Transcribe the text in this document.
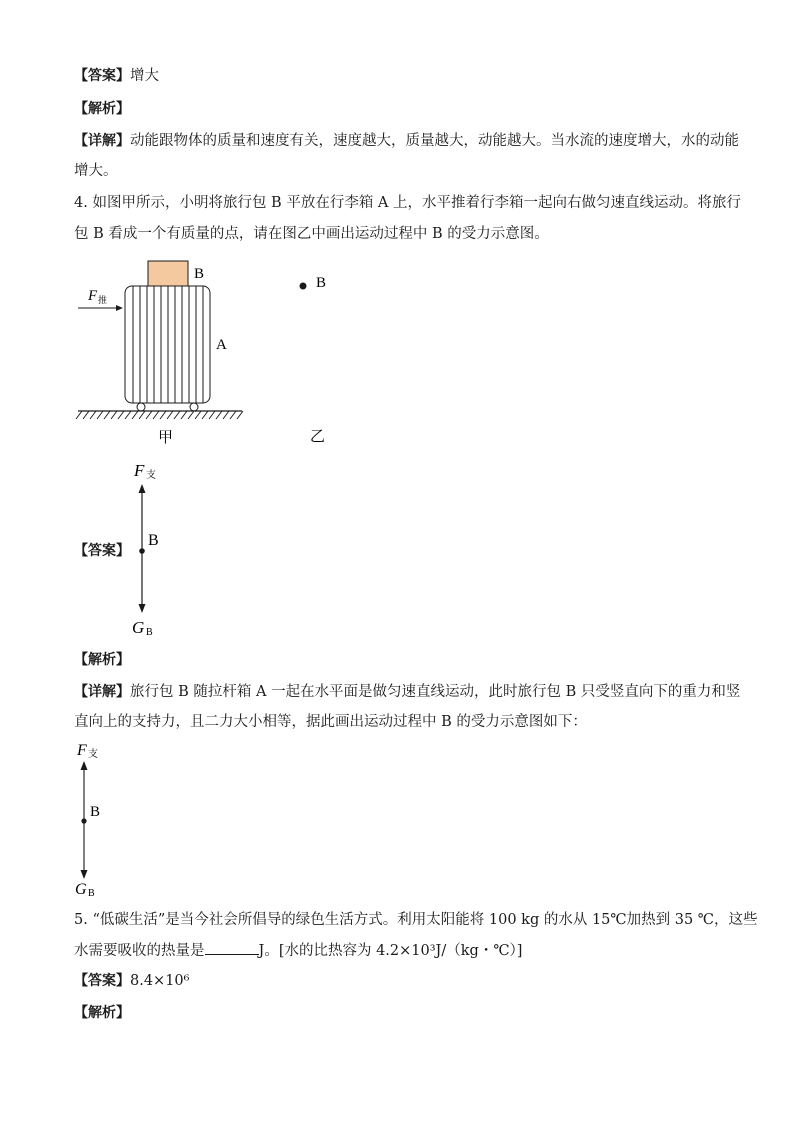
【答案】增大
【解析】
【详解】动能跟物体的质量和速度有关，速度越大，质量越大，动能越大。当水流的速度增大，水的动能
增大。
4. 如图甲所示，小明将旅行包 B 平放在行李箱 A 上，水平推着行李箱一起向右做匀速直线运动。将旅行
包 B 看成一个有质量的点，请在图乙中画出运动过程中 B 的受力示意图。
B
A
F 推
甲
B
乙
【答案】
B
F 支
G B
【解析】
【详解】旅行包 B 随拉杆箱 A 一起在水平面是做匀速直线运动，此时旅行包 B 只受竖直向下的重力和竖
直向上的支持力，且二力大小相等，据此画出运动过程中 B 的受力示意图如下：
B
F 支
G B
5. “低碳生活”是当今社会所倡导的绿色生活方式。利用太阳能将 100 kg 的水从 15℃加热到 35 ℃，这些
水需要吸收的热量是	J。[水的比热容为 4.2×10³J/（kg・℃）]
【答案】8.4×10⁶
【解析】
